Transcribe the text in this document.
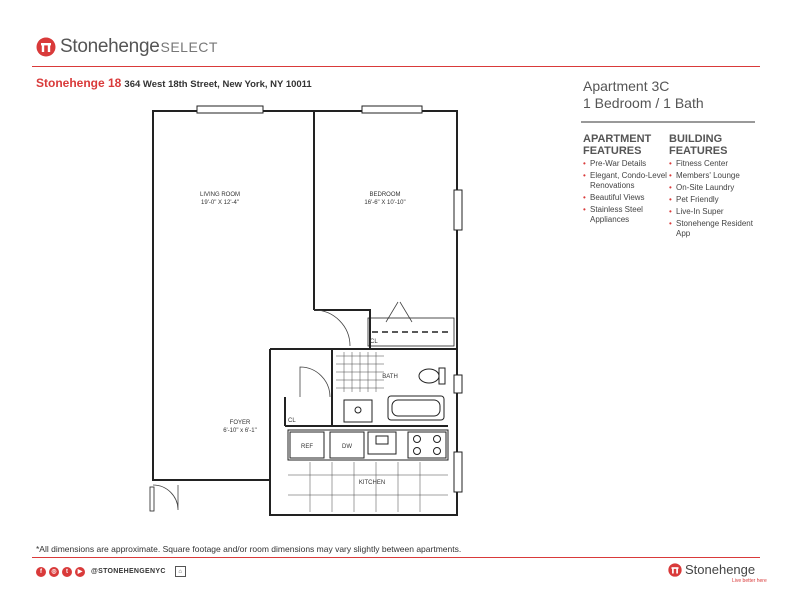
StonehengeSELECT
Stonehenge 18 364 West 18th Street, New York, NY 10011	Apartment 3C
1 Bedroom / 1 Bath
APARTMENT
FEATURES
• Pre-War Details
• Elegant, Condo-Level Renovations
• Beautiful Views
• Stainless Steel Appliances
BUILDING
FEATURES
• Fitness Center
• Members' Lounge
• On-Site Laundry
• Pet Friendly
• Live-In Super
• Stonehenge Resident App
LIVING ROOM
19'-0" X 12'-4"
BEDROOM
16'-6" X 10'-10"
FOYER
6'-10" x 6'-1"
BATH
KITCHEN
CL
CL
REF	DW
*All dimensions are approximate. Square footage and/or room dimensions may vary slightly between apartments.
f	◎	t	▶	@STONEHENGENYC	⌂	Stonehenge
Live better here
